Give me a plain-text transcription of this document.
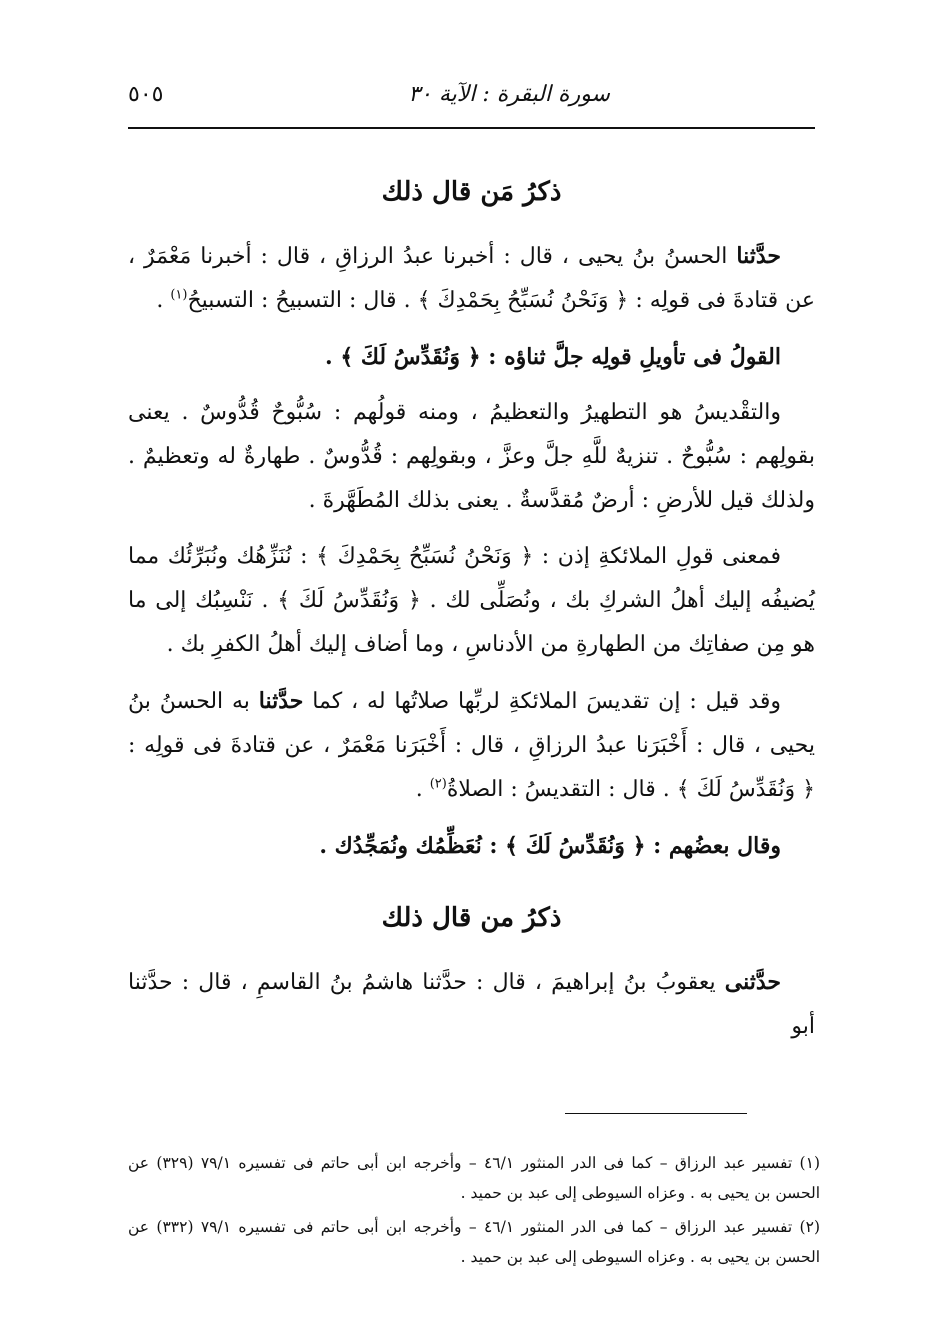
سورة البقرة : الآية ٣٠
٥٠٥
ذكرُ مَن قال ذلك

حدَّثنا الحسنُ بنُ يحيى ، قال : أخبرنا عبدُ الرزاقِ ، قال : أخبرنا مَعْمَرٌ ، عن قتادةَ فى قولِه : ﴿ وَنَحْنُ نُسَبِّحُ بِحَمْدِكَ ﴾ . قال : التسبيحُ : التسبيحُ$^{(١)}$ .

القولُ فى تأويلِ قولِه جلَّ ثناؤه : ﴿ وَنُقَدِّسُ لَكَ ﴾ .

والتقْديسُ هو التطهيرُ والتعظيمُ ، ومنه قولُهم : سُبُّوحٌ قُدُّوسٌ . يعنى بقولِهم : سُبُّوحٌ . تنزيهٌ للَّهِ جلَّ وعزَّ ، وبقولِهم : قُدُّوسٌ . طهارةٌ له وتعظيمٌ . ولذلك قيل للأرضِ : أرضٌ مُقدَّسةٌ . يعنى بذلك المُطَهَّرةَ .

فمعنى قولِ الملائكةِ إذن : ﴿ وَنَحْنُ نُسَبِّحُ بِحَمْدِكَ ﴾ : نُنَزِّهُك ونُبَرِّئُك مما يُضيفُه إليك أهلُ الشركِ بك ، ونُصَلِّى لك . ﴿ وَنُقَدِّسُ لَكَ ﴾ . نَنْسِبُك إلى ما هو مِن صفاتِك من الطهارةِ من الأدناسِ ، وما أضاف إليك أهلُ الكفرِ بك .

وقد قيل : إن تقديسَ الملائكةِ لربِّها صلاتُها له ، كما حدَّثنا به الحسنُ بنُ يحيى ، قال : أَخْبَرَنا عبدُ الرزاقِ ، قال : أَخْبَرَنا مَعْمَرٌ ، عن قتادةَ فى قولِه : ﴿ وَنُقَدِّسُ لَكَ ﴾ . قال : التقديسُ : الصلاةُ$^{(٢)}$ .

وقال بعضُهم : ﴿ وَنُقَدِّسُ لَكَ ﴾ : نُعَظِّمُك ونُمَجِّدُك .

ذكرُ من قال ذلك

حدَّثنى يعقوبُ بنُ إبراهيمَ ، قال : حدَّثنا هاشمُ بنُ القاسمِ ، قال : حدَّثنا أبو

(١) تفسير عبد الرزاق – كما فى الدر المنثور ٤٦/١ – وأخرجه ابن أبى حاتم فى تفسيره ٧٩/١ (٣٢٩) عن الحسن بن يحيى به . وعزاه السيوطى إلى عبد بن حميد .

(٢) تفسير عبد الرزاق – كما فى الدر المنثور ٤٦/١ – وأخرجه ابن أبى حاتم فى تفسيره ٧٩/١ (٣٣٢) عن الحسن بن يحيى به . وعزاه السيوطى إلى عبد بن حميد .
